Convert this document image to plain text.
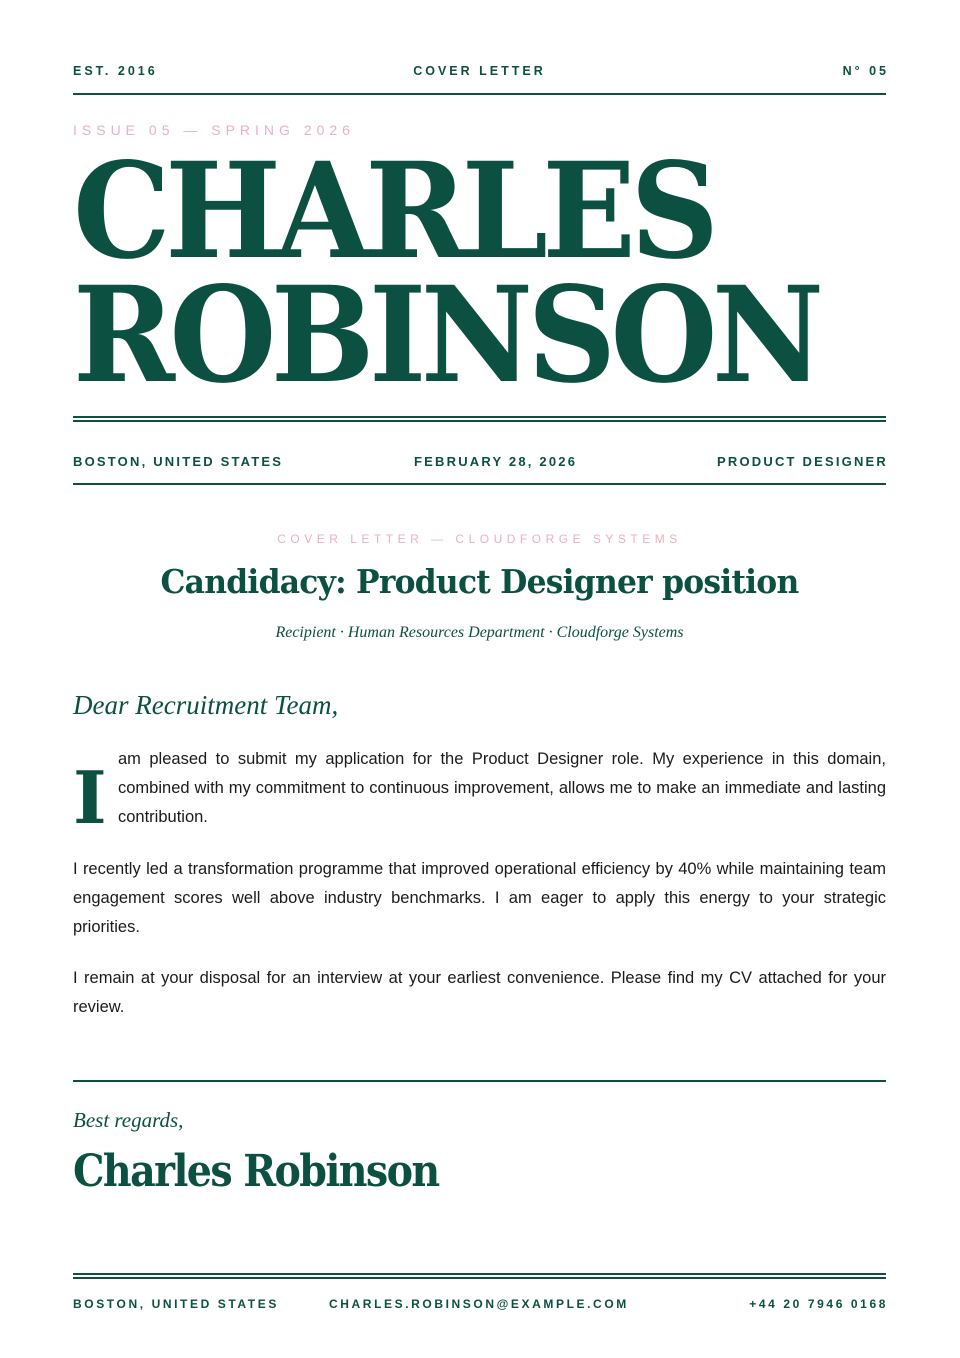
EST. 2016	COVER LETTER	N° 05
ISSUE 05 — SPRING 2026
CHARLES
ROBINSON
BOSTON, UNITED STATES	FEBRUARY 28, 2026	PRODUCT DESIGNER
COVER LETTER — CLOUDFORGE SYSTEMS
Candidacy: Product Designer position
Recipient · Human Resources Department · Cloudforge Systems
Dear Recruitment Team,
I am pleased to submit my application for the Product Designer role. My experience in this domain, combined with my commitment to continuous improvement, allows me to make an immediate and lasting contribution.
I recently led a transformation programme that improved operational efficiency by 40% while maintaining team engagement scores well above industry benchmarks. I am eager to apply this energy to your strategic priorities.
I remain at your disposal for an interview at your earliest convenience. Please find my CV attached for your review.
Best regards,
Charles Robinson
BOSTON, UNITED STATES	CHARLES.ROBINSON@EXAMPLE.COM	+44 20 7946 0168
